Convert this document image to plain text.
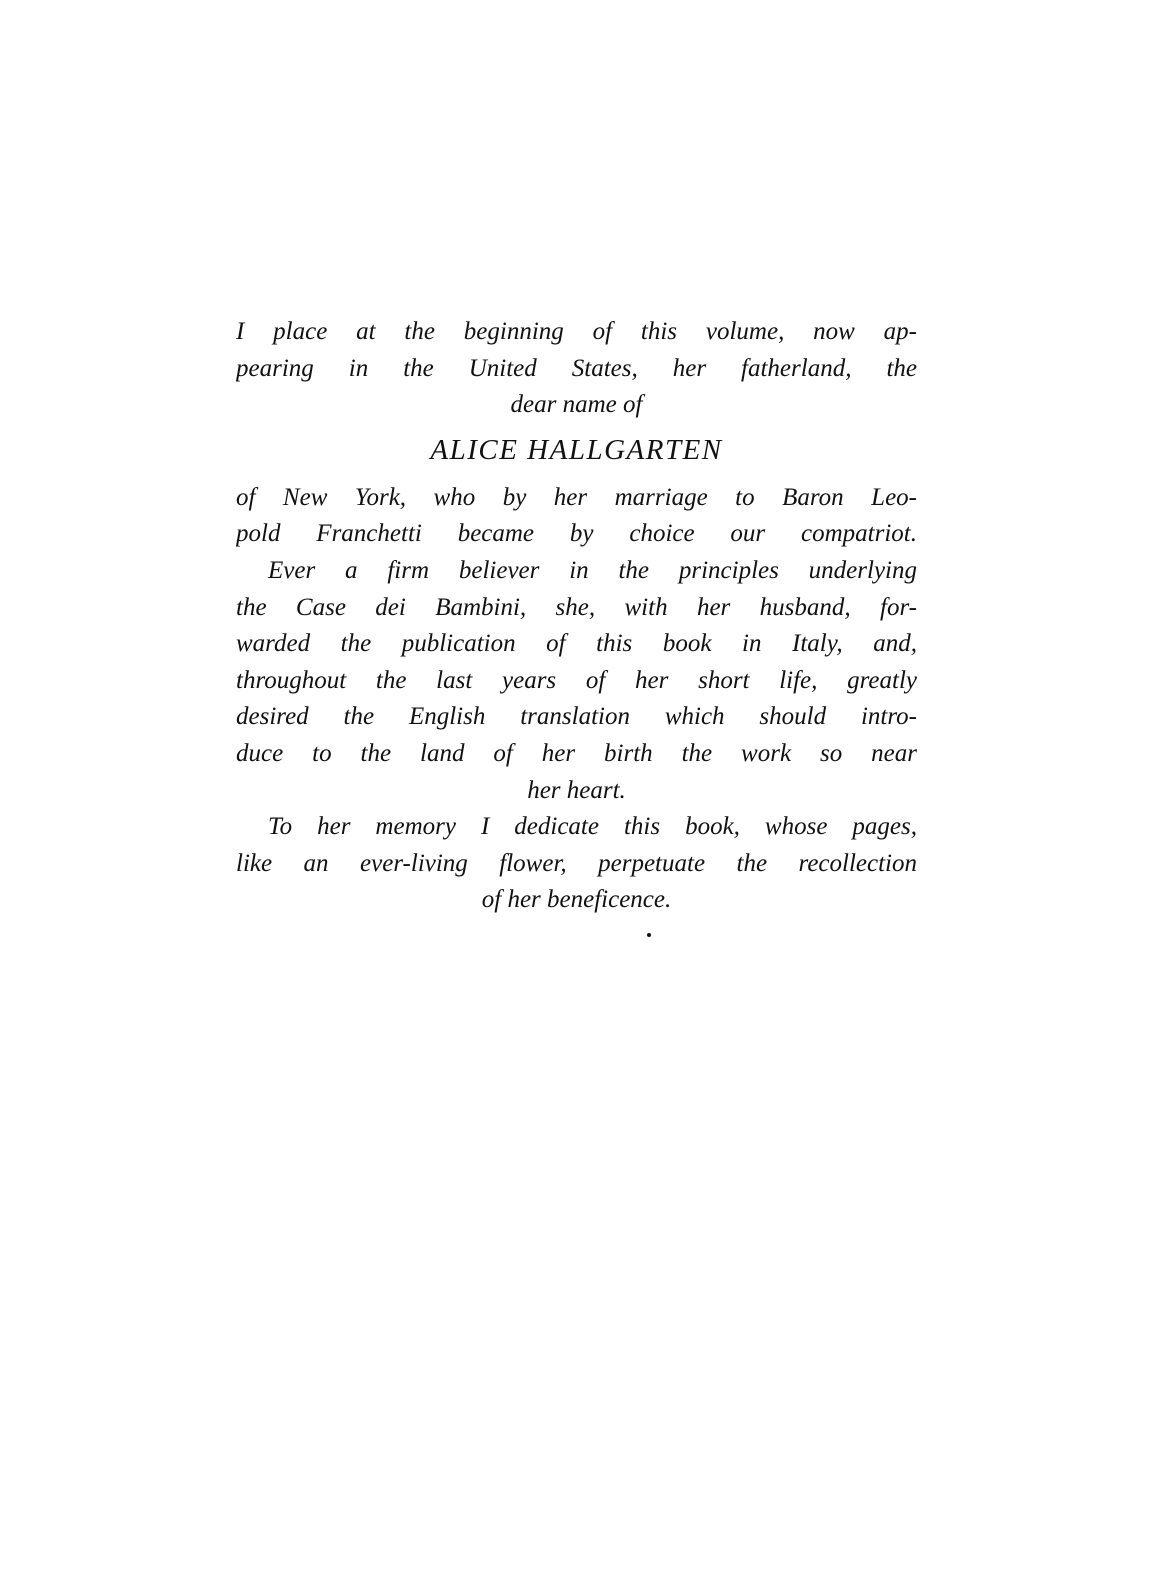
I place at the beginning of this volume, now ap-
pearing in the United States, her fatherland, the
dear name of
ALICE HALLGARTEN
of New York, who by her marriage to Baron Leo-
pold Franchetti became by choice our compatriot.
Ever a firm believer in the principles underlying
the Case dei Bambini, she, with her husband, for-
warded the publication of this book in Italy, and,
throughout the last years of her short life, greatly
desired the English translation which should intro-
duce to the land of her birth the work so near
her heart.
To her memory I dedicate this book, whose pages,
like an ever-living flower, perpetuate the recollection
of her beneficence.
